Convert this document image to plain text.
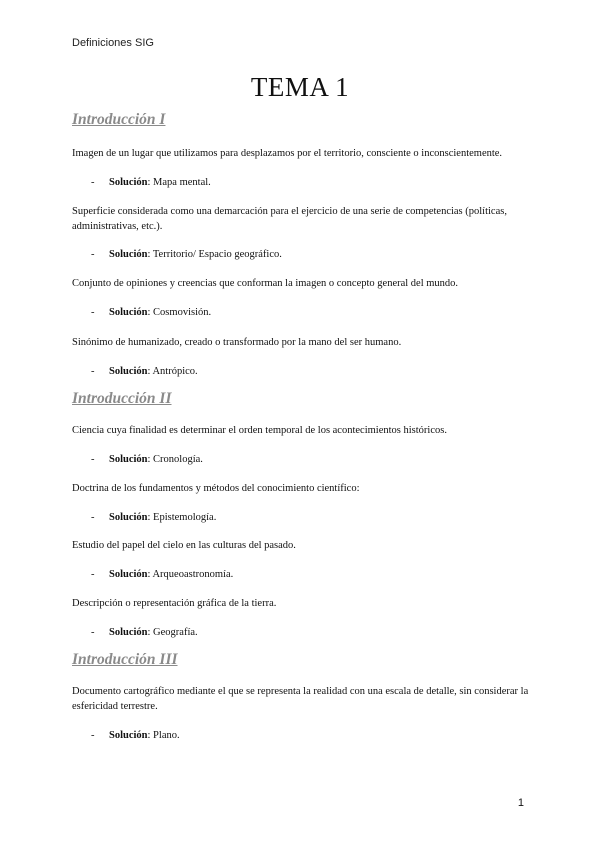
Definiciones SIG
TEMA 1
Introducción I

Imagen de un lugar que utilizamos para desplazamos por el territorio, consciente o inconscientemente.

- Solución: Mapa mental.

Superficie considerada como una demarcación para el ejercicio de una serie de competencias (políticas, administrativas, etc.).

- Solución: Territorio/ Espacio geográfico.

Conjunto de opiniones y creencias que conforman la imagen o concepto general del mundo.

- Solución: Cosmovisión.

Sinónimo de humanizado, creado o transformado por la mano del ser humano.

- Solución: Antrópico.

Introducción II

Ciencia cuya finalidad es determinar el orden temporal de los acontecimientos históricos.

- Solución: Cronología.

Doctrina de los fundamentos y métodos del conocimiento científico:

- Solución: Epistemología.

Estudio del papel del cielo en las culturas del pasado.

- Solución: Arqueoastronomía.

Descripción o representación gráfica de la tierra.

- Solución: Geografía.

Introducción III

Documento cartográfico mediante el que se representa la realidad con una escala de detalle, sin considerar la esfericidad terrestre.

- Solución: Plano.

1
